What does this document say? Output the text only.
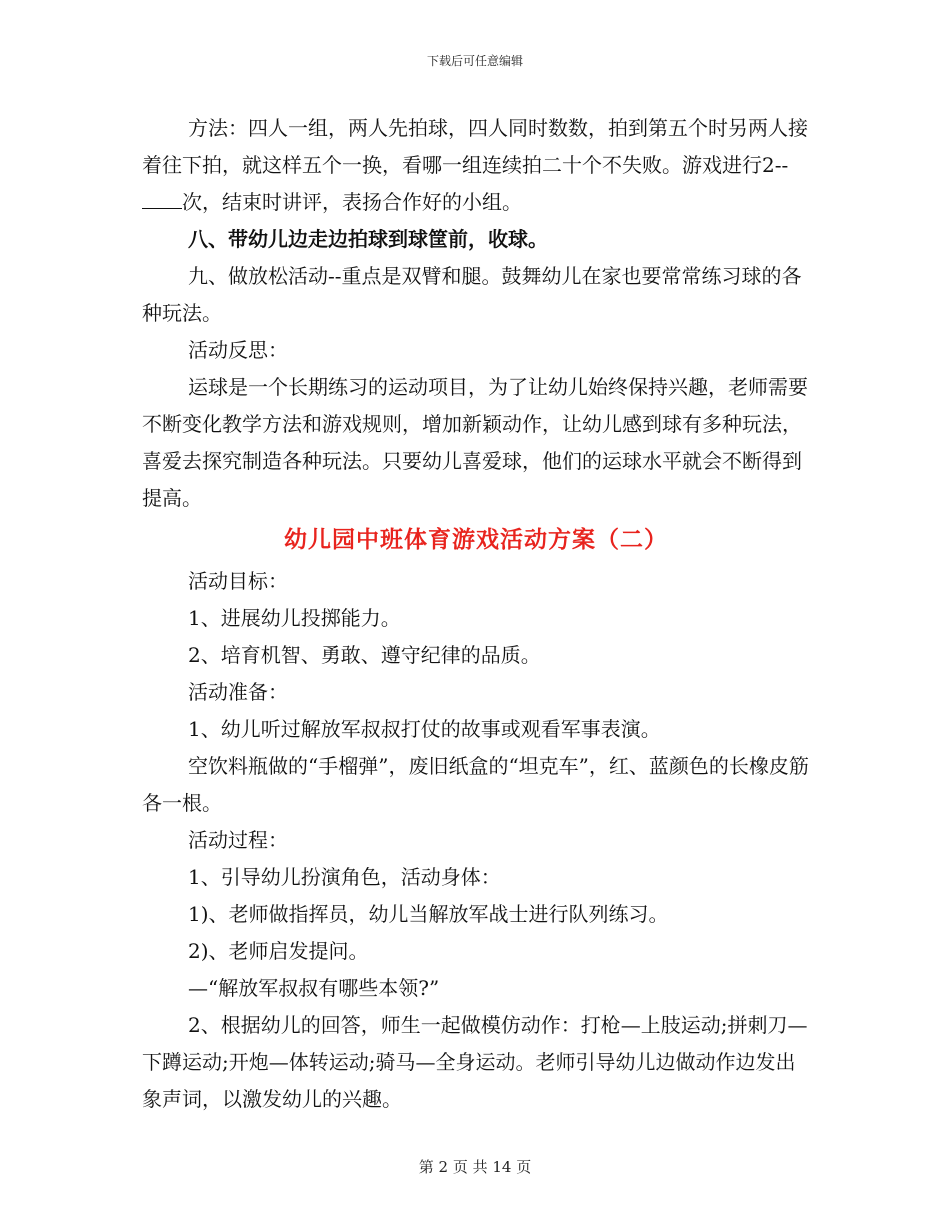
下载后可任意编辑

方法：四人一组，两人先拍球，四人同时数数，拍到第五个时另两人接着往下拍，就这样五个一换，看哪一组连续拍二十个不失败。游戏进行2--次，结束时讲评，表扬合作好的小组。

八、带幼儿边走边拍球到球筐前，收球。

九、做放松活动--重点是双臂和腿。鼓舞幼儿在家也要常常练习球的各种玩法。

活动反思：

运球是一个长期练习的运动项目，为了让幼儿始终保持兴趣，老师需要不断变化教学方法和游戏规则，增加新颖动作，让幼儿感到球有多种玩法，喜爱去探究制造各种玩法。只要幼儿喜爱球，他们的运球水平就会不断得到提高。

幼儿园中班体育游戏活动方案（二）

活动目标：

1、进展幼儿投掷能力。

2、培育机智、勇敢、遵守纪律的品质。

活动准备：

1、幼儿听过解放军叔叔打仗的故事或观看军事表演。

空饮料瓶做的“手榴弹”，废旧纸盒的“坦克车”，红、蓝颜色的长橡皮筋各一根。

活动过程：

1、引导幼儿扮演角色，活动身体：

1)、老师做指挥员，幼儿当解放军战士进行队列练习。

2)、老师启发提问。

—“解放军叔叔有哪些本领?”

2、根据幼儿的回答，师生一起做模仿动作：打枪—上肢运动;拼刺刀—下蹲运动;开炮—体转运动;骑马—全身运动。老师引导幼儿边做动作边发出象声词，以激发幼儿的兴趣。

第 2 页 共 14 页
